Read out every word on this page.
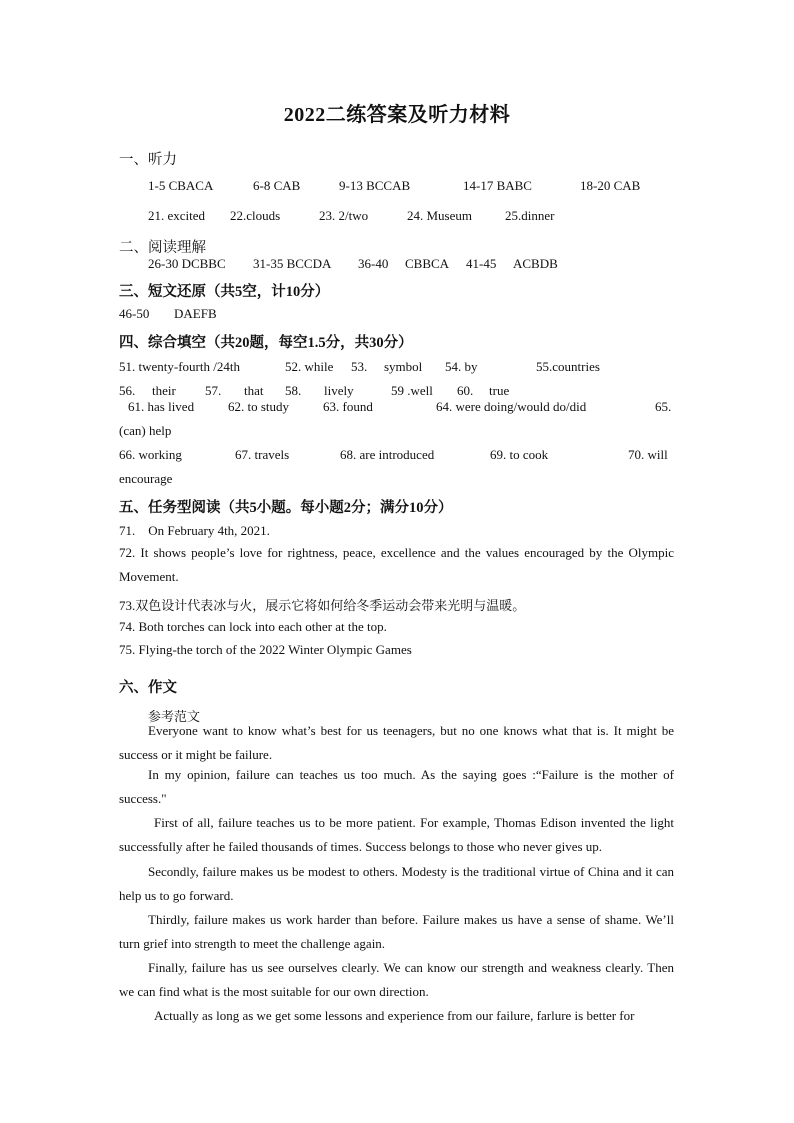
2022二练答案及听力材料
一、听力
1-5 CBACA	6-8 CAB	9-13 BCCAB	14-17 BABC	18-20 CAB
21. excited 22.clouds	23. 2/two	24. Museum	25.dinner
二、阅读理解
26-30 DCBBC 31-35 BCCDA 36-40 CBBCA 41-45 ACBDB
三、短文还原（共5空，计10分）
46-50 DAEFB
四、综合填空（共20题，每空1.5分，共30分）
51. twenty-fourth /24th	52. while 53. symbol 54. by	55.countries
56. their 57. that 58. lively	59 .well 60. true
61. has lived	62. to study	63. found	64. were doing/would do/did	65.
(can) help
66. working	67. travels	68. are introduced	69. to cook	70. will
encourage
五、任务型阅读（共5小题。每小题2分；满分10分）
71.    On February 4th, 2021.
72. It shows people’s love for rightness, peace, excellence and the values encouraged by the Olympic Movement.
73.双色设计代表冰与火，展示它将如何给冬季运动会带来光明与温暖。
74. Both torches can lock into each other at the top.
75. Flying-the torch of the 2022 Winter Olympic Games
六、作文
参考范文
Everyone want to know what’s best for us teenagers, but no one knows what that is. It might be success or it might be failure.
In my opinion, failure can teaches us too much. As the saying goes :“Failure is the mother of success."
First of all, failure teaches us to be more patient. For example, Thomas Edison invented the light successfully after he failed thousands of times. Success belongs to those who never gives up.
Secondly, failure makes us be modest to others. Modesty is the traditional virtue of China and it can help us to go forward.
Thirdly, failure makes us work harder than before. Failure makes us have a sense of shame. We’ll turn grief into strength to meet the challenge again.
Finally, failure has us see ourselves clearly. We can know our strength and weakness clearly. Then we can find what is the most suitable for our own direction.
Actually as long as we get some lessons and experience from our failure, farlure is better for
